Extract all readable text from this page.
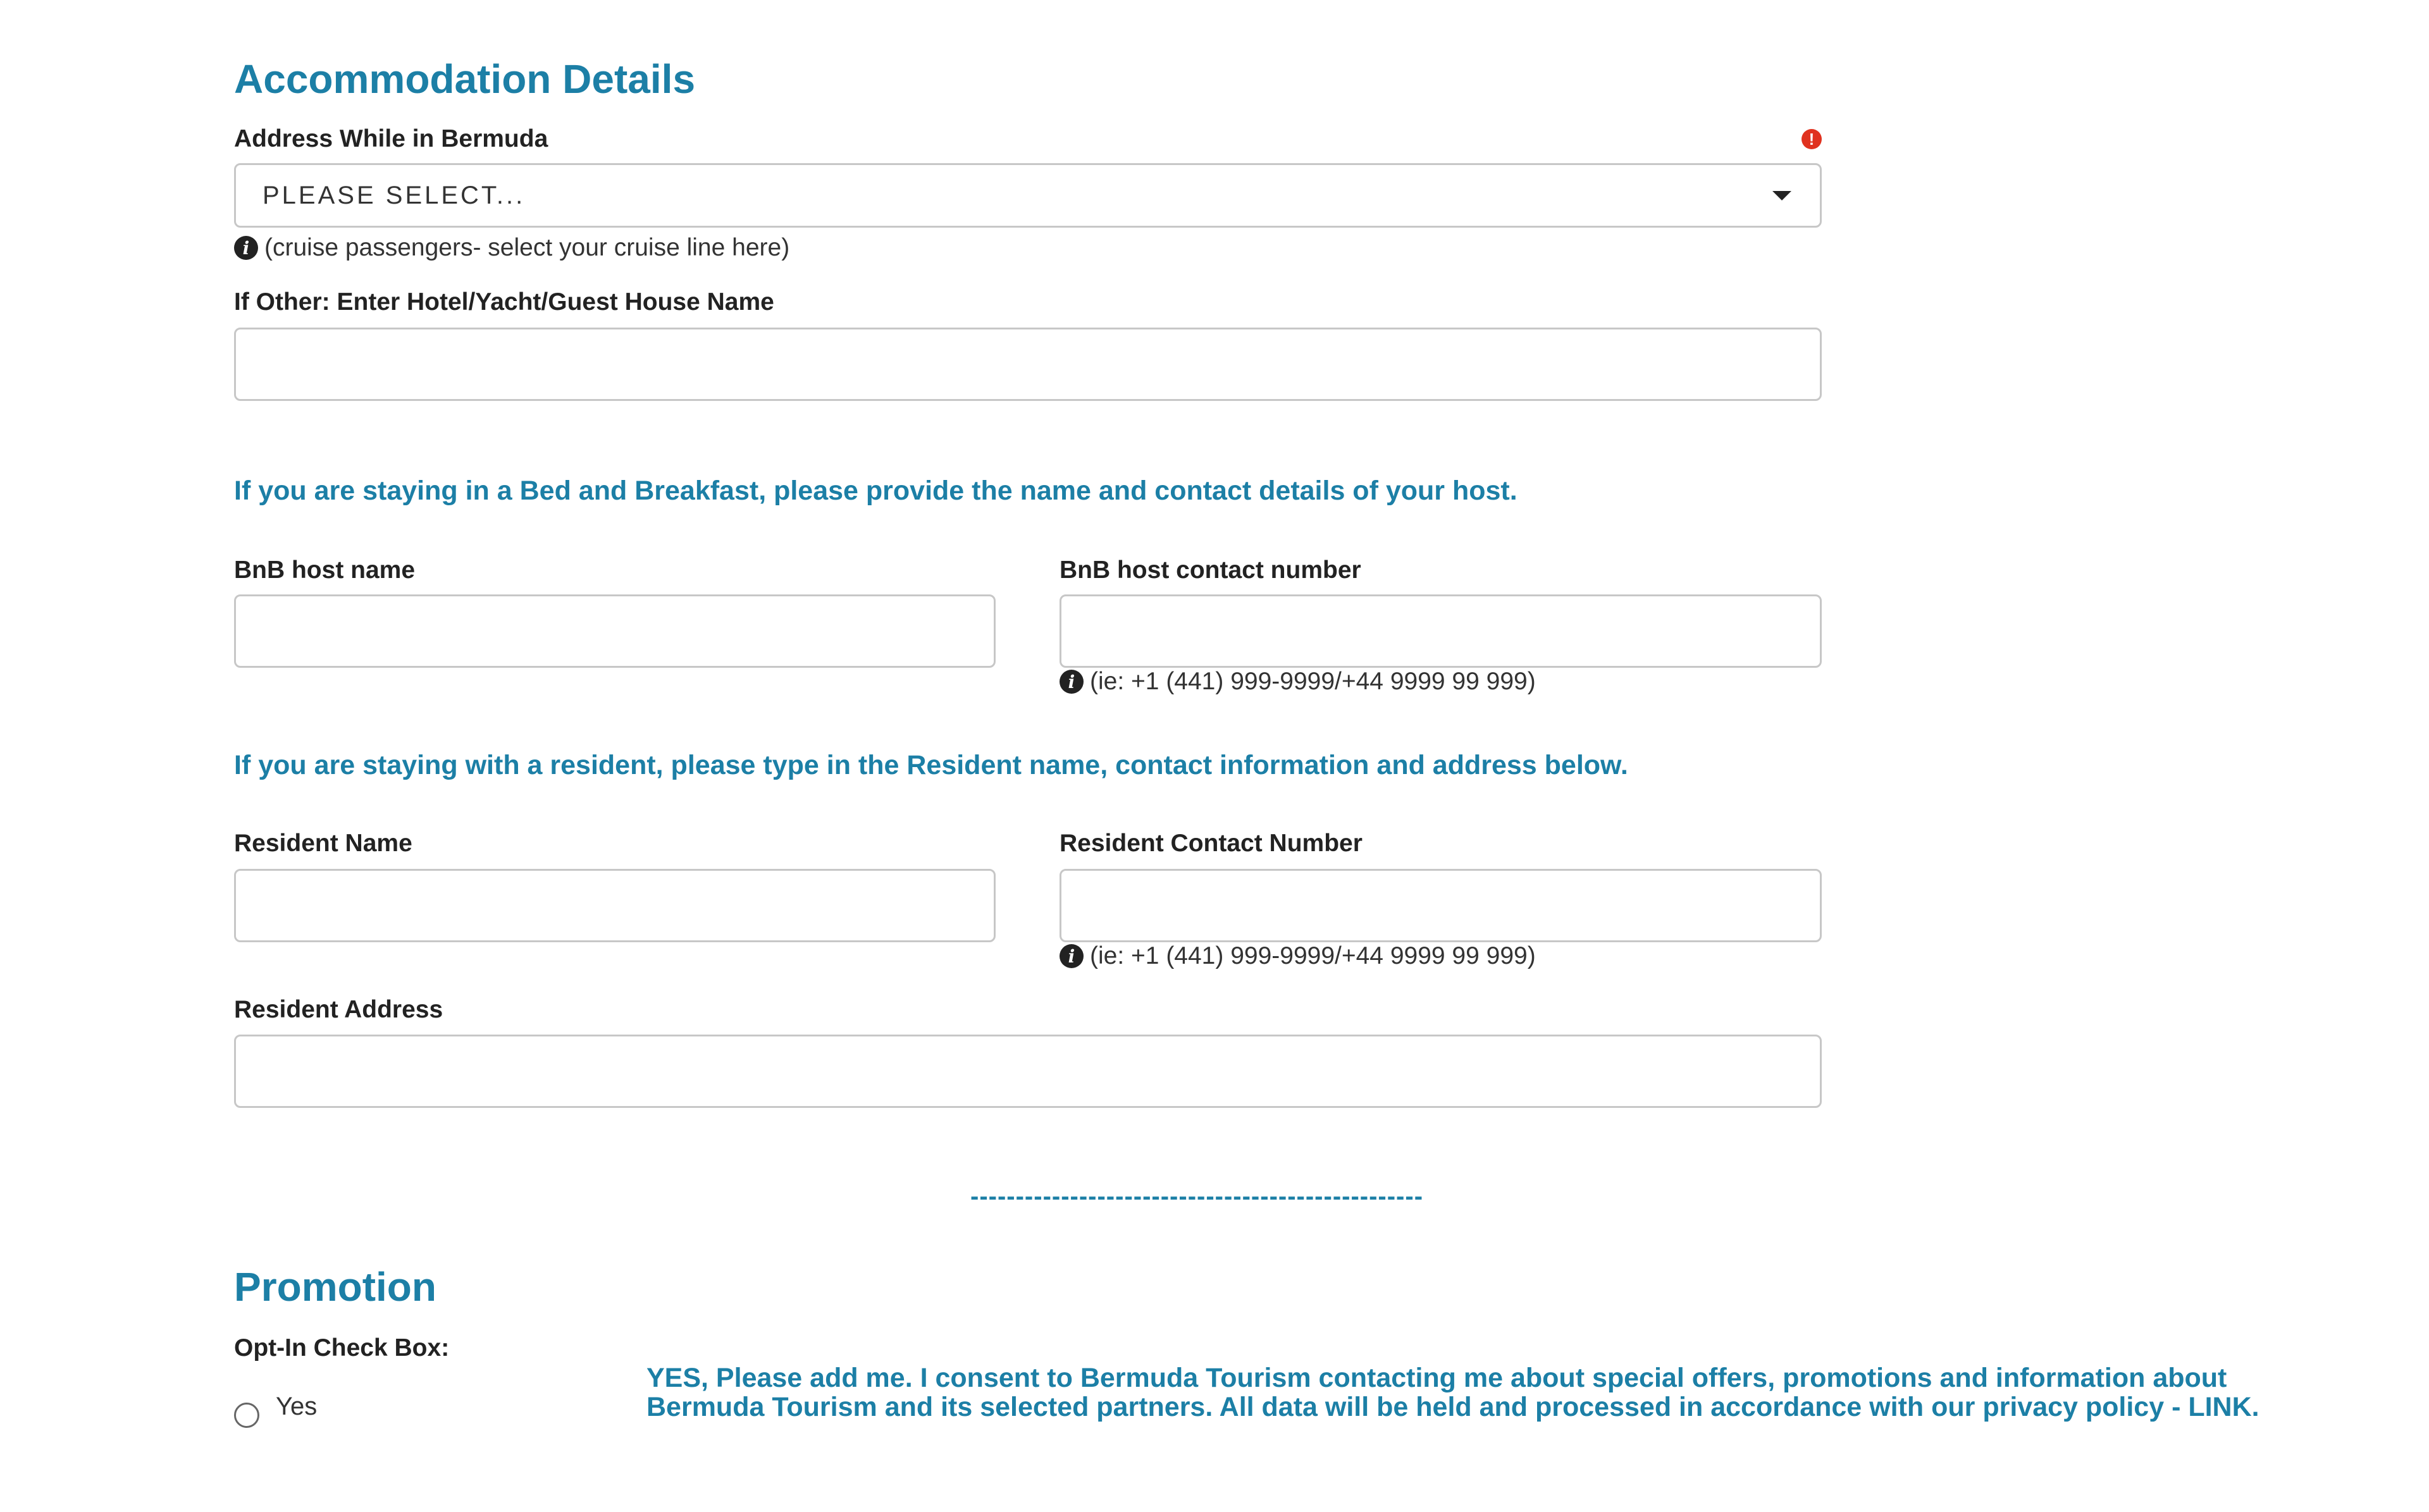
Accommodation Details
Address While in Bermuda	!
PLEASE SELECT...
i (cruise passengers- select your cruise line here)
If Other: Enter Hotel/Yacht/Guest House Name
If you are staying in a Bed and Breakfast, please provide the name and contact details of your host.
BnB host name	BnB host contact number
i (ie: +1 (441) 999-9999/+44 9999 99 999)
If you are staying with a resident, please type in the Resident name, contact information and address below.
Resident Name	Resident Contact Number
i (ie: +1 (441) 999-9999/+44 9999 99 999)
Resident Address
--------------------------------------------------
Promotion
Opt-In Check Box:
Yes
YES, Please add me. I consent to Bermuda Tourism contacting me about special offers, promotions and information about Bermuda Tourism and its selected partners. All data will be held and processed in accordance with our privacy policy - LINK.
